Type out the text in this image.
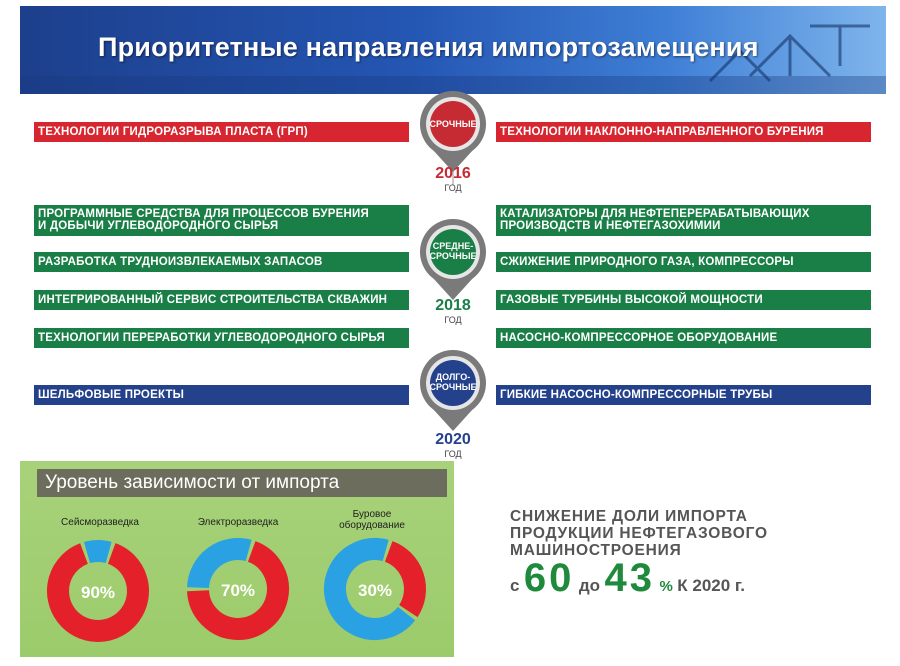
Приоритетные направления импортозамещения
СРОЧНЫЕ
СРЕДНЕ-
СРОЧНЫЕ
ДОЛГО-
СРОЧНЫЕ
2016
ГОД
2018
ГОД
2020
ГОД
ТЕХНОЛОГИИ ГИДРОРАЗРЫВА ПЛАСТА (ГРП)	ТЕХНОЛОГИИ НАКЛОННО-НАПРАВЛЕННОГО БУРЕНИЯ
ПРОГРАММНЫЕ СРЕДСТВА ДЛЯ ПРОЦЕССОВ БУРЕНИЯ
И ДОБЫЧИ УГЛЕВОДОРОДНОГО СЫРЬЯ
КАТАЛИЗАТОРЫ ДЛЯ НЕФТЕПЕРЕРАБАТЫВАЮЩИХ
ПРОИЗВОДСТВ И НЕФТЕГАЗОХИМИИ
РАЗРАБОТКА ТРУДНОИЗВЛЕКАЕМЫХ ЗАПАСОВ	СЖИЖЕНИЕ ПРИРОДНОГО ГАЗА, КОМПРЕССОРЫ
ИНТЕГРИРОВАННЫЙ СЕРВИС СТРОИТЕЛЬСТВА СКВАЖИН	ГАЗОВЫЕ ТУРБИНЫ ВЫСОКОЙ МОЩНОСТИ
ТЕХНОЛОГИИ ПЕРЕРАБОТКИ УГЛЕВОДОРОДНОГО СЫРЬЯ	НАСОСНО-КОМПРЕССОРНОЕ ОБОРУДОВАНИЕ
ШЕЛЬФОВЫЕ ПРОЕКТЫ	ГИБКИЕ НАСОСНО-КОМПРЕССОРНЫЕ ТРУБЫ
Уровень зависимости от импорта
Сейсморазведка	Электроразведка
Буровое
оборудование
90%	70%	30%
СНИЖЕНИЕ ДОЛИ ИМПОРТА
ПРОДУКЦИИ НЕФТЕГАЗОВОГО
МАШИНОСТРОЕНИЯ
с 60 до 43 % К 2020 г.
